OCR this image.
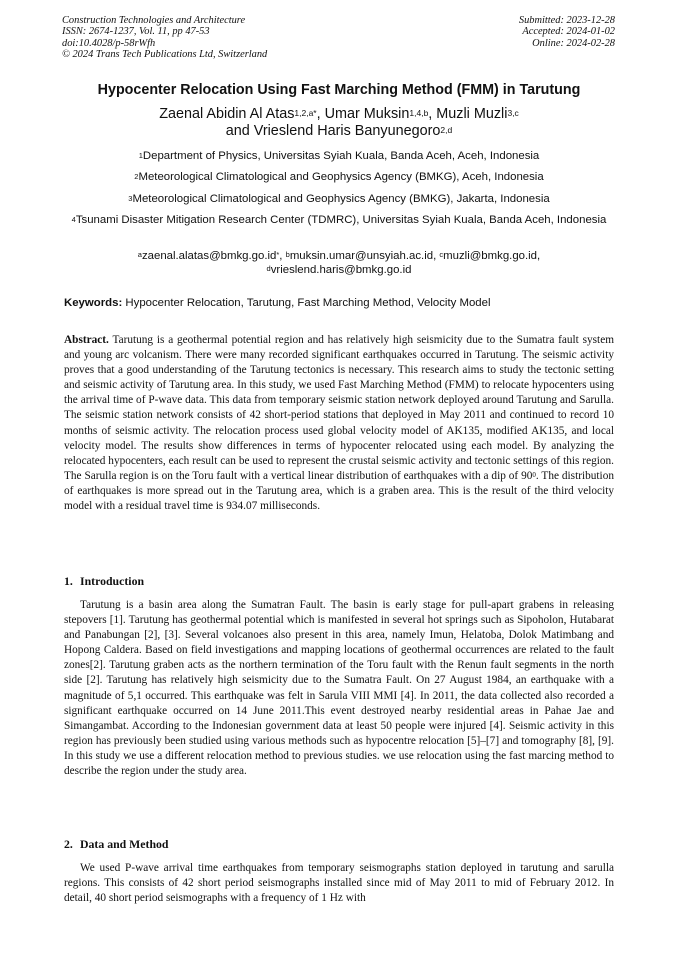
Construction Technologies and Architecture
ISSN: 2674-1237, Vol. 11, pp 47-53
doi:10.4028/p-58rWfh
© 2024 Trans Tech Publications Ltd, Switzerland
Submitted: 2023-12-28
Accepted: 2024-01-02
Online: 2024-02-28
Hypocenter Relocation Using Fast Marching Method (FMM) in Tarutung
Zaenal Abidin Al Atas$^{1,2,a*}$, Umar Muksin$^{1,4,b}$, Muzli Muzli$^{3,c}$
and Vrieslend Haris Banyunegoro$^{2,d}$
$^1$Department of Physics, Universitas Syiah Kuala, Banda Aceh, Aceh, Indonesia
$^2$Meteorological Climatological and Geophysics Agency (BMKG), Aceh, Indonesia
$^3$Meteorological Climatological and Geophysics Agency (BMKG), Jakarta, Indonesia
$^4$Tsunami Disaster Mitigation Research Center (TDMRC), Universitas Syiah Kuala, Banda Aceh, Indonesia
$^a$zaenal.alatas@bmkg.go.id*, $^b$muksin.umar@unsyiah.ac.id, $^c$muzli@bmkg.go.id,
$^d$vrieslend.haris@bmkg.go.id
Keywords: Hypocenter Relocation, Tarutung, Fast Marching Method, Velocity Model
Abstract. Tarutung is a geothermal potential region and has relatively high seismicity due to the Sumatra fault system and young arc volcanism. There were many recorded significant earthquakes occurred in Tarutung. The seismic activity proves that a good understanding of the Tarutung tectonics is necessary. This research aims to study the tectonic setting and seismic activity of Tarutung area. In this study, we used Fast Marching Method (FMM) to relocate hypocenters using the arrival time of P-wave data. This data from temporary seismic station network deployed around Tarutung and Sarulla. The seismic station network consists of 42 short-period stations that deployed in May 2011 and continued to record 10 months of seismic activity. The relocation process used global velocity model of AK135, modified AK135, and local velocity model. The results show differences in terms of hypocenter relocated using each model. By analyzing the relocated hypocenters, each result can be used to represent the crustal seismic activity and tectonic settings of this region. The Sarulla region is on the Toru fault with a vertical linear distribution of earthquakes with a dip of $90^0$. The distribution of earthquakes is more spread out in the Tarutung area, which is a graben area. This is the result of the third velocity model with a residual travel time is 934.07 milliseconds.
1. Introduction
Tarutung is a basin area along the Sumatran Fault. The basin is early stage for pull-apart grabens in releasing stepovers [1]. Tarutung has geothermal potential which is manifested in several hot springs such as Sipoholon, Hutabarat and Panabungan [2], [3]. Several volcanoes also present in this area, namely Imun, Helatoba, Dolok Matimbang and Hopong Caldera. Based on field investigations and mapping locations of geothermal occurrences are related to the fault zones[2]. Tarutung graben acts as the northern termination of the Toru fault with the Renun fault segments in the north side [2]. Tarutung has relatively high seismicity due to the Sumatra Fault. On 27 August 1984, an earthquake with a magnitude of 5,1 occurred. This earthquake was felt in Sarula VIII MMI [4]. In 2011, the data collected also recorded a significant earthquake occurred on 14 June 2011.This event destroyed nearby residential areas in Pahae Jae and Simangambat. According to the Indonesian government data at least 50 people were injured [4]. Seismic activity in this region has previously been studied using various methods such as hypocentre relocation [5]–[7] and tomography [8], [9]. In this study we use a different relocation method to previous studies. we use relocation using the fast marcing method to describe the region under the study area.
2. Data and Method
We used P-wave arrival time earthquakes from temporary seismographs station deployed in tarutung and sarulla regions. This consists of 42 short period seismographs installed since mid of May 2011 to mid of February 2012. In detail, 40 short period seismographs with a frequency of 1 Hz with
